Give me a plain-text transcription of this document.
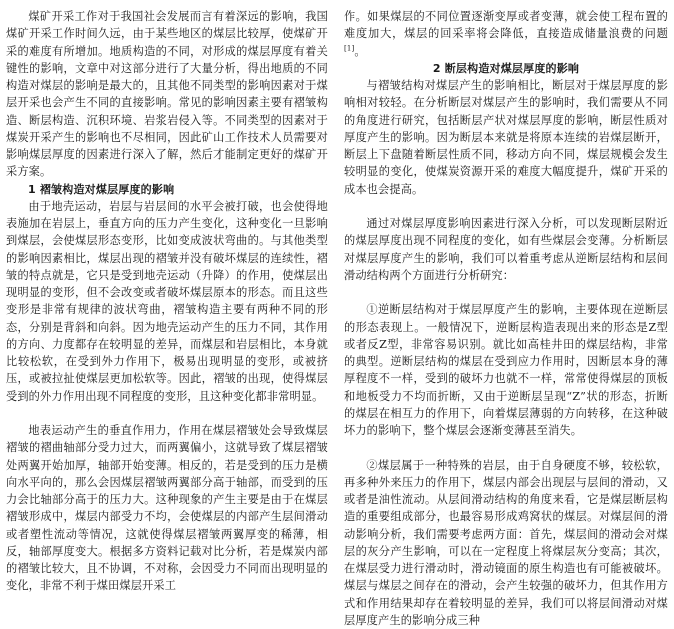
煤矿开采工作对于我国社会发展而言有着深远的影响，我国煤矿开采工作时间久远，由于某些地区的煤层比较厚，使煤矿开采的难度有所增加。地质构造的不同，对形成的煤层厚度有着关键性的影响，文章中对这部分进行了大量分析，得出地质的不同构造对煤层的影响是最大的，且其他不同类型的影响因素对于煤层开采也会产生不同的直接影响。常见的影响因素主要有褶皱构造、断层构造、沉积环境、岩浆岩侵入等。不同类型的因素对于煤炭开采产生的影响也不尽相同，因此矿山工作技术人员需要对影响煤层厚度的因素进行深入了解，然后才能制定更好的煤矿开采方案。

1 褶皱构造对煤层厚度的影响

由于地壳运动，岩层与岩层间的水平会被打破，也会使得地表施加在岩层上，垂直方向的压力产生变化，这种变化一旦影响到煤层，会使煤层形态变形，比如变成波状弯曲的。与其他类型的影响因素相比，煤层出现的褶皱并没有破坏煤层的连续性，褶皱的特点就是，它只是受到地壳运动（升降）的作用，使煤层出现明显的变形，但不会改变或者破坏煤层原本的形态。而且这些变形是非常有规律的波状弯曲，褶皱构造主要有两种不同的形态，分别是背斜和向斜。因为地壳运动产生的压力不同，其作用的方向、力度都存在较明显的差异，而煤层和岩层相比，本身就比较松软，在受到外力作用下，极易出现明显的变形，或被挤压，或被拉扯使煤层更加松软等。因此，褶皱的出现，使得煤层受到的外力作用出现不同程度的变形，且这种变化都非常明显。

地表运动产生的垂直作用力，作用在煤层褶皱处会导致煤层褶皱的褶曲轴部分受力过大，而两翼偏小，这就导致了煤层褶皱处两翼开始加厚，轴部开始变薄。相反的，若是受到的压力是横向水平向的，那么会因煤层褶皱两翼部分高于轴部，而受到的压力会比轴部分高于的压力大。这种现象的产生主要是由于在煤层褶皱形成中，煤层内部受力不均，会使煤层的内部产生层间滑动或者塑性流动等情况，这就使得煤层褶皱两翼厚变的稀薄，相反，轴部厚度变大。根据多方资料记载对比分析，若是煤炭内部的褶皱比较大，且不协调，不对称，会因受力不同而出现明显的变化，非常不利于煤田煤层开采工

作。如果煤层的不同位置逐渐变厚或者变薄，就会使工程布置的难度加大，煤层的回采率将会降低，直接造成储量浪费的问题[1]。

2 断层构造对煤层厚度的影响

与褶皱结构对煤层产生的影响相比，断层对于煤层厚度的影响相对较轻。在分析断层对煤层产生的影响时，我们需要从不同的角度进行研究，包括断层产状对煤层厚度的影响，断层性质对厚度产生的影响。因为断层本来就是将原本连续的岩煤层断开，断层上下盘随着断层性质不同，移动方向不同，煤层规模会发生较明显的变化，使煤炭资源开采的难度大幅度提升，煤矿开采的成本也会提高。

通过对煤层厚度影响因素进行深入分析，可以发现断层附近的煤层厚度出现不同程度的变化，如有些煤层会变薄。分析断层对煤层厚度产生的影响，我们可以着重考虑从逆断层结构和层间滑动结构两个方面进行分析研究：

①逆断层结构对于煤层厚度产生的影响，主要体现在逆断层的形态表现上。一般情况下，逆断层构造表现出来的形态是Z型或者反Z型，非常容易识别。就比如高桂井田的煤层结构，非常的典型。逆断层结构的煤层在受到应力作用时，因断层本身的薄厚程度不一样，受到的破坏力也就不一样，常常使得煤层的顶板和地板受力不均而折断，又由于逆断层呈现“Z”状的形态，折断的煤层在相互力的作用下，向着煤层薄弱的方向转移，在这种破坏力的影响下，整个煤层会逐渐变薄甚至消失。

②煤层属于一种特殊的岩层，由于自身硬度不够，较松软，再多种外来压力的作用下，煤层内部会出现层与层间的滑动，又或者是油性流动。从层间滑动结构的角度来看，它是煤层断层构造的重要组成部分，也最容易形成鸡窝状的煤层。对煤层间的滑动影响分析，我们需要考虑两方面：首先，煤层间的滑动会对煤层的灰分产生影响，可以在一定程度上将煤层灰分变高；其次，在煤层受力进行滑动时，滑动镜面的原生构造也有可能被破坏。煤层与煤层之间存在的滑动，会产生较强的破坏力，但其作用方式和作用结果却存在着较明显的差异，我们可以将层间滑动对煤层厚度产生的影响分成三种
